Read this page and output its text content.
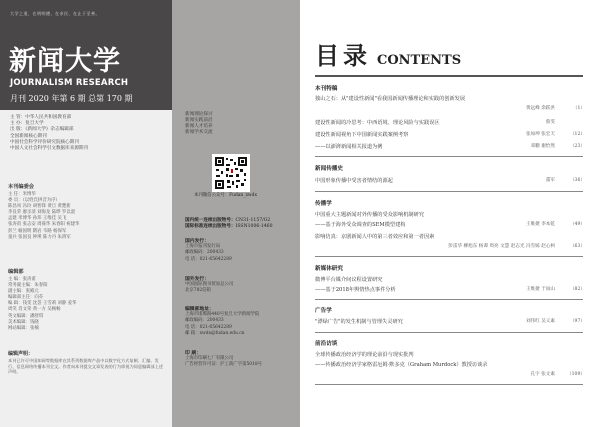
大学之道，在明明德，在亲民，在止于至善。
新闻大学
JOURNALISM RESEARCH
月刊 2020 年第 6 期 总第 170 期
主 管：中华人民共和国教育部
主 办：复旦大学
出 版：《新闻大学》杂志编辑部
全国新闻核心期刊
中国社会科学评价研究院核心期刊
中国人文社会科学引文数据库来源期刊
本刊编委会
主 任：米博华
委 员：（以姓氏拼音为序）
陈昌凤 冯玲 胡智锋 黄旦 黄楚新
李良荣 廖圣清 刘海龙 陆晔 罗以澄
孟建 米博华 孙玮 王维佳 吴飞
张涛甫 张志安 周葆华 朱春阳 祝建华
彭兰 喻国明 隋岩 韦路 杨保军
童兵 张国良 钟瑛 陈力丹 朱鸿军
编辑部
主 编：张涛甫
常务副主编：朱春阳
副主编：张殿元
编辑部主任：向芬
编 辑：钱雯 沈荟 王雪莉 刘静 姜华
周笑 肖文荣 黄一方 吴畅畅
英文编辑：潘舒琪
美术编辑：钱晓
网站编辑：张楠
编辑声明：
本刊已许可中国知网等数据库在其系列数据库产品中以数字化方式复制、汇编、发行、信息网络传播本刊全文。作者向本刊提交文章发表的行为即视为同意编辑部上述声明。
新闻理论探讨
新闻实践前沿
新闻人才培养
新闻学术交流
本刊微信公众号：Fudan_xwdx
国内统一连续出版物号：CN31-1157/G2
国际标准连续出版物号：ISSN1006-1460
国内发行：
上海市报刊发行局
邮政编码：200433
电 话：021-65642289
国外发行：
中国国际图书贸易总公司
北京782信箱
编辑部地址：
上海市邯郸路440号复旦大学新闻学院
邮政编码：200433
电 话：021-65642289
邮 箱：xwdx@fudan.edu.cn
印 刷：
上海市印刷七厂有限公司
广告经营许可证：沪工商广字第5018号
目录 CONTENTS
本刊特稿
独山之石：从"建设性新闻"看我国新闻传播理论和实践的创新发展
黄远峰 余跃洪	（1）
建设性新闻的冷思考：中西语境、理论风险与实践误区	蔡雯
建设性新闻视角下中国新闻实践案例考察	张如坤 张宏天	（12）
——以澎湃新闻相关报道为例	邓鹏 谢怡然	（23）
新闻传播史
中国形象传播中受害者情结的源起	董军	（36）
传播学
中国重大主题新闻对外传播的受众影响机制研究
——基于海外受众调查的SEM模型建构	王唯捷 李本乾	（49）
影响仿真：京剧新闻人中的第三者效应和第一者因素
彭雷华 柳旭东 杨谭 周亮 文慧 赵志光 冯雪嫣 赵心柯	（63）
新媒体研究
微博平台媒介间议程设置研究
——基于2018年舆情热点事件分析	王维捷 于雨山	（82）
广告学
"漂绿广告"的发生机制与管理失灵研究	刘伟红 吴义素	（97）
前沿访谈
全球传播政治经济学的理论前沿与现实批判
——传播政治经济学家格雷厄姆·默多克（Graham Murdock）教授访谈录
孔宇 张文素	（109）
